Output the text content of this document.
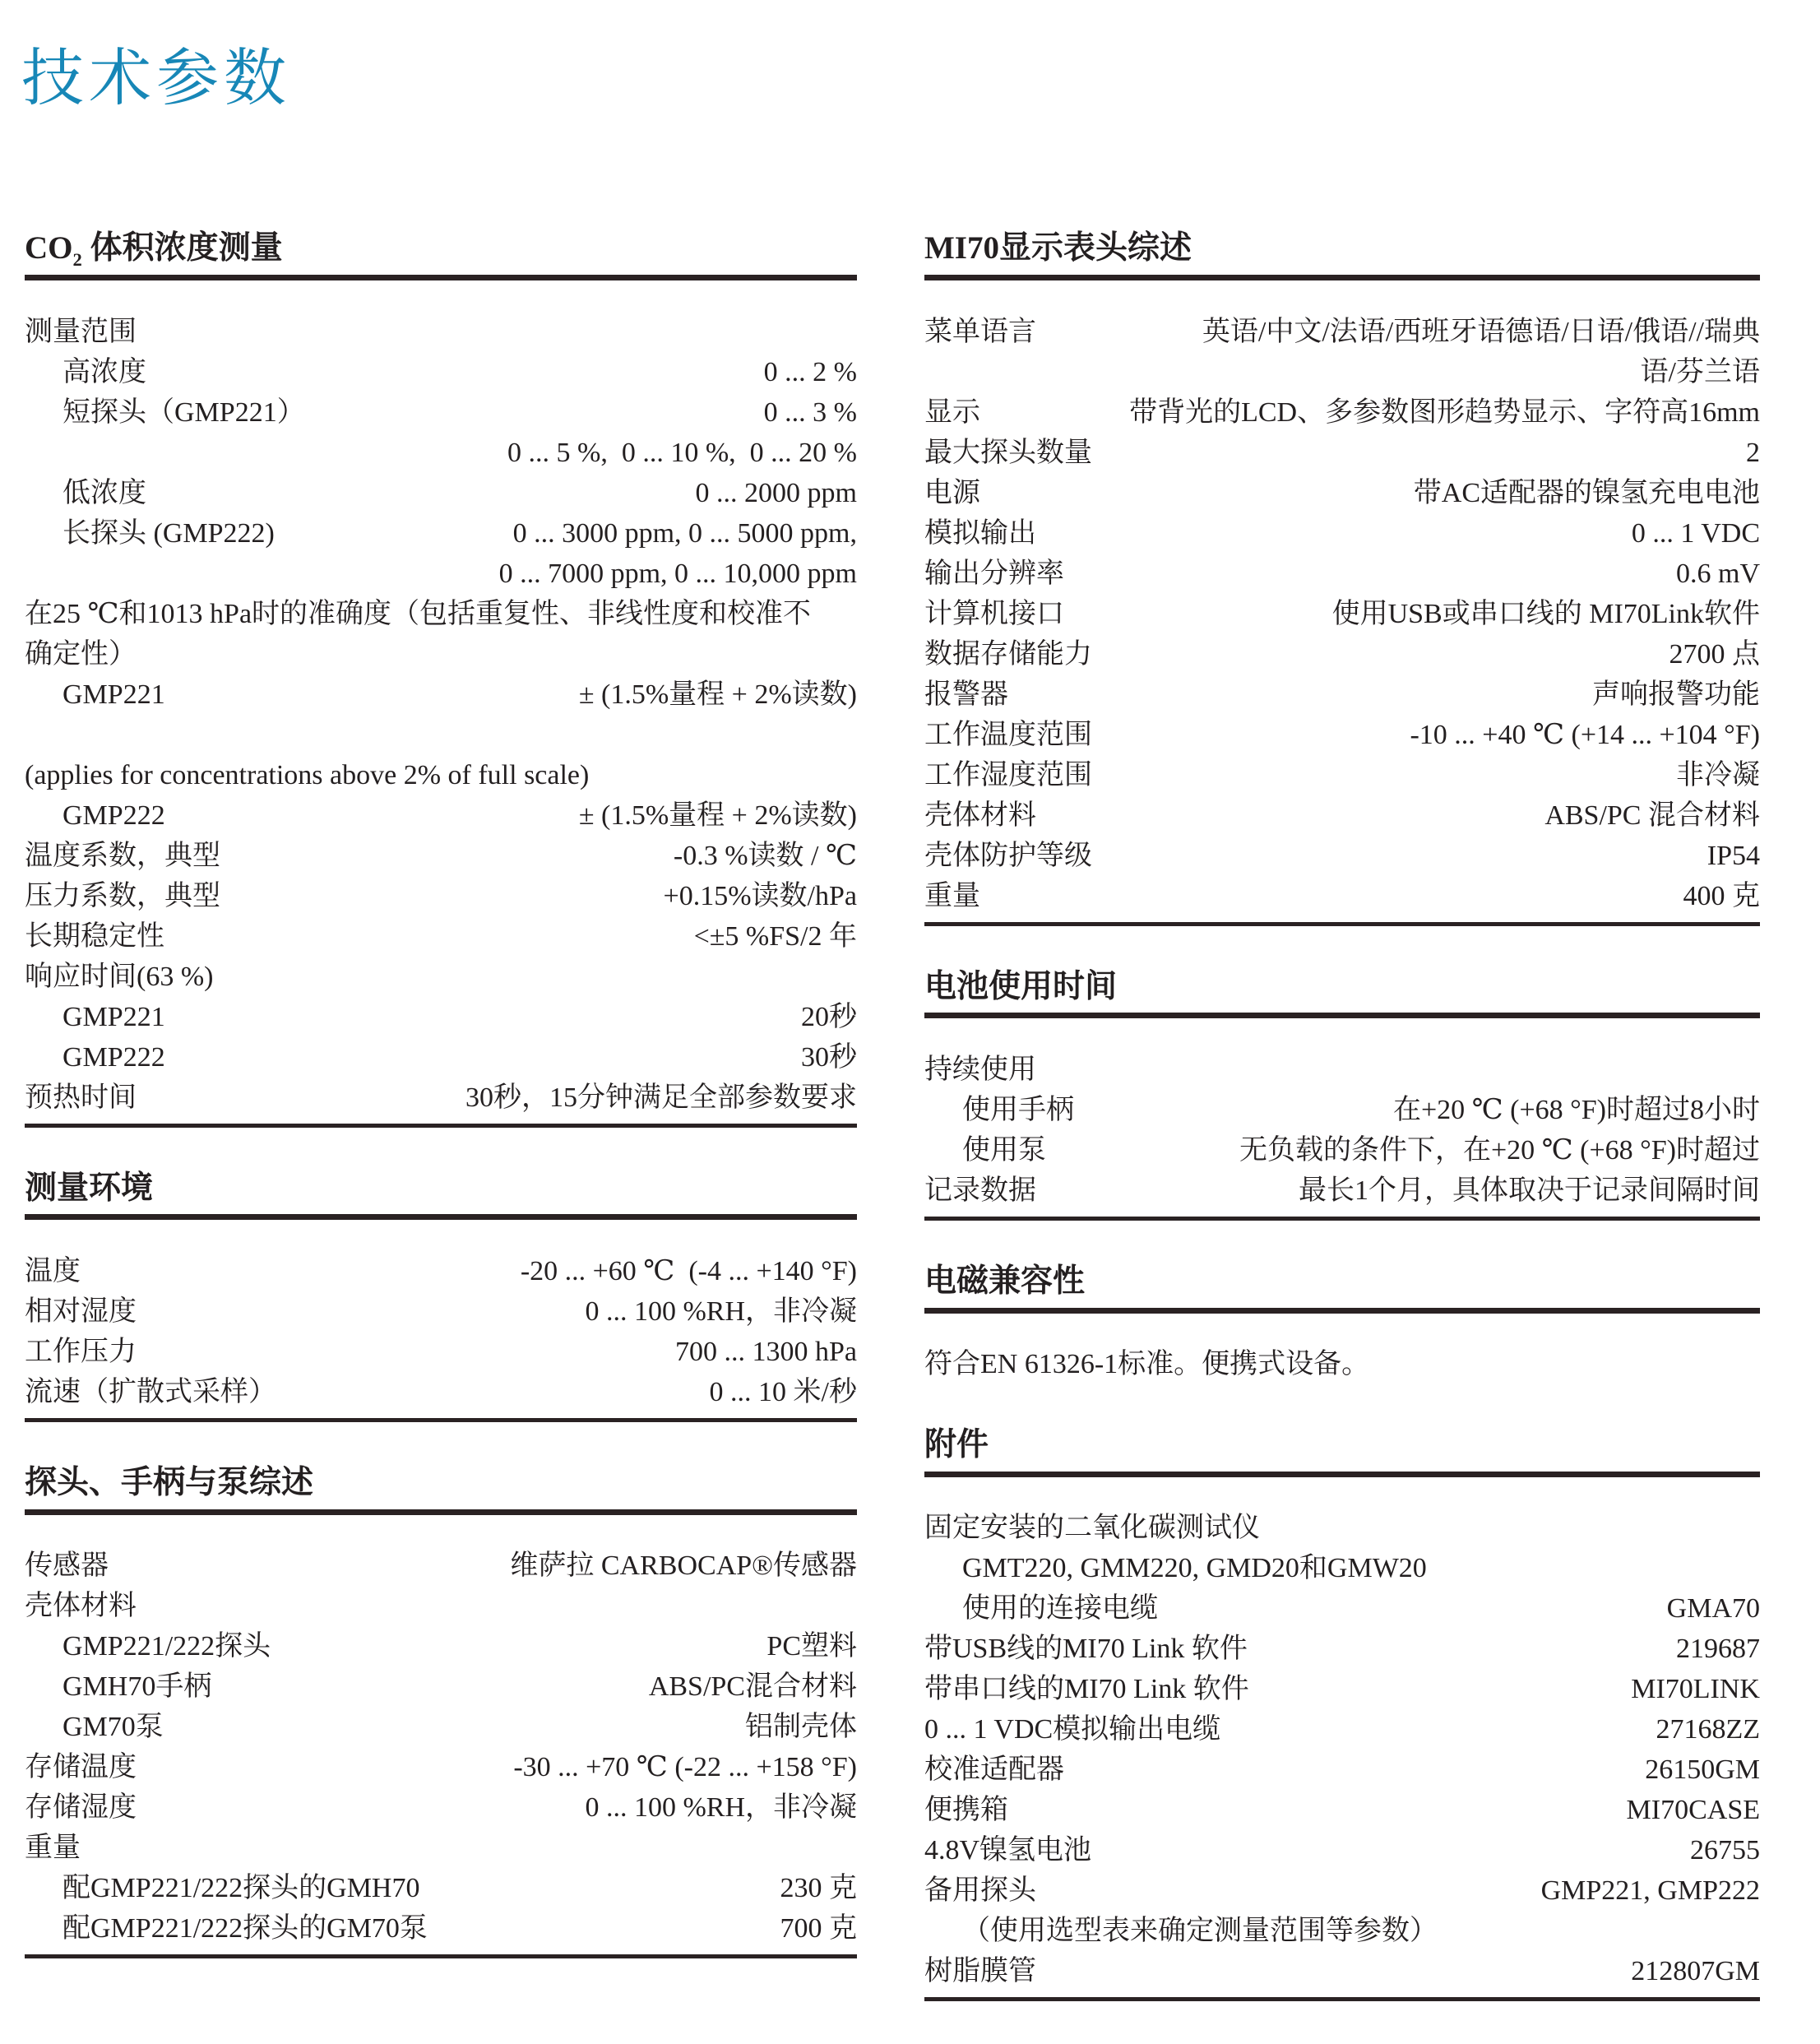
技术参数
$CO_2$ 体积浓度测量
测量范围
高浓度	0 ... 2 %
短探头（GMP221）	0 ... 3 %
0 ... 5 %,  0 ... 10 %,  0 ... 20 %
低浓度	0 ... 2000 ppm
长探头 (GMP222)	0 ... 3000 ppm, 0 ... 5000 ppm,
0 ... 7000 ppm, 0 ... 10,000 ppm
在25 ℃和1013 hPa时的准确度（包括重复性、非线性度和校准不
确定性）
GMP221	± (1.5%量程 + 2%读数)
(applies for concentrations above 2% of full scale)
GMP222	± (1.5%量程 + 2%读数)
温度系数，典型	-0.3 %读数 / ℃
压力系数，典型	+0.15%读数/hPa
长期稳定性	<±5 %FS/2 年
响应时间(63 %)
GMP221	20秒
GMP222	30秒
预热时间	30秒，15分钟满足全部参数要求
测量环境
温度	-20 ... +60 ℃  (-4 ... +140 °F)
相对湿度	0 ... 100 %RH，非冷凝
工作压力	700 ... 1300 hPa
流速（扩散式采样）	0 ... 10 米/秒
探头、手柄与泵综述
传感器	维萨拉 CARBOCAP®传感器
壳体材料
GMP221/222探头	PC塑料
GMH70手柄	ABS/PC混合材料
GM70泵	铝制壳体
存储温度	-30 ... +70 ℃ (-22 ... +158 °F)
存储湿度	0 ... 100 %RH，非冷凝
重量
配GMP221/222探头的GMH70	230 克
配GMP221/222探头的GM70泵	700 克
MI70显示表头综述
菜单语言	英语/中文/法语/西班牙语德语/日语/俄语//瑞典
语/芬兰语
显示	带背光的LCD、多参数图形趋势显示、字符高16mm
最大探头数量	2
电源	带AC适配器的镍氢充电电池
模拟输出	0 ... 1 VDC
输出分辨率	0.6 mV
计算机接口	使用USB或串口线的 MI70Link软件
数据存储能力	2700 点
报警器	声响报警功能
工作温度范围	-10 ... +40 ℃ (+14 ... +104 °F)
工作湿度范围	非冷凝
壳体材料	ABS/PC 混合材料
壳体防护等级	IP54
重量	400 克
电池使用时间
持续使用
使用手柄	在+20 ℃ (+68 °F)时超过8小时
使用泵	无负载的条件下，在+20 ℃ (+68 °F)时超过
记录数据	最长1个月，具体取决于记录间隔时间
电磁兼容性
符合EN 61326-1标准。便携式设备。
附件
固定安装的二氧化碳测试仪
GMT220, GMM220, GMD20和GMW20
使用的连接电缆	GMA70
带USB线的MI70 Link 软件	219687
带串口线的MI70 Link 软件	MI70LINK
0 ... 1 VDC模拟输出电缆	27168ZZ
校准适配器	26150GM
便携箱	MI70CASE
4.8V镍氢电池	26755
备用探头	GMP221, GMP222
（使用选型表来确定测量范围等参数）
树脂膜管	212807GM
